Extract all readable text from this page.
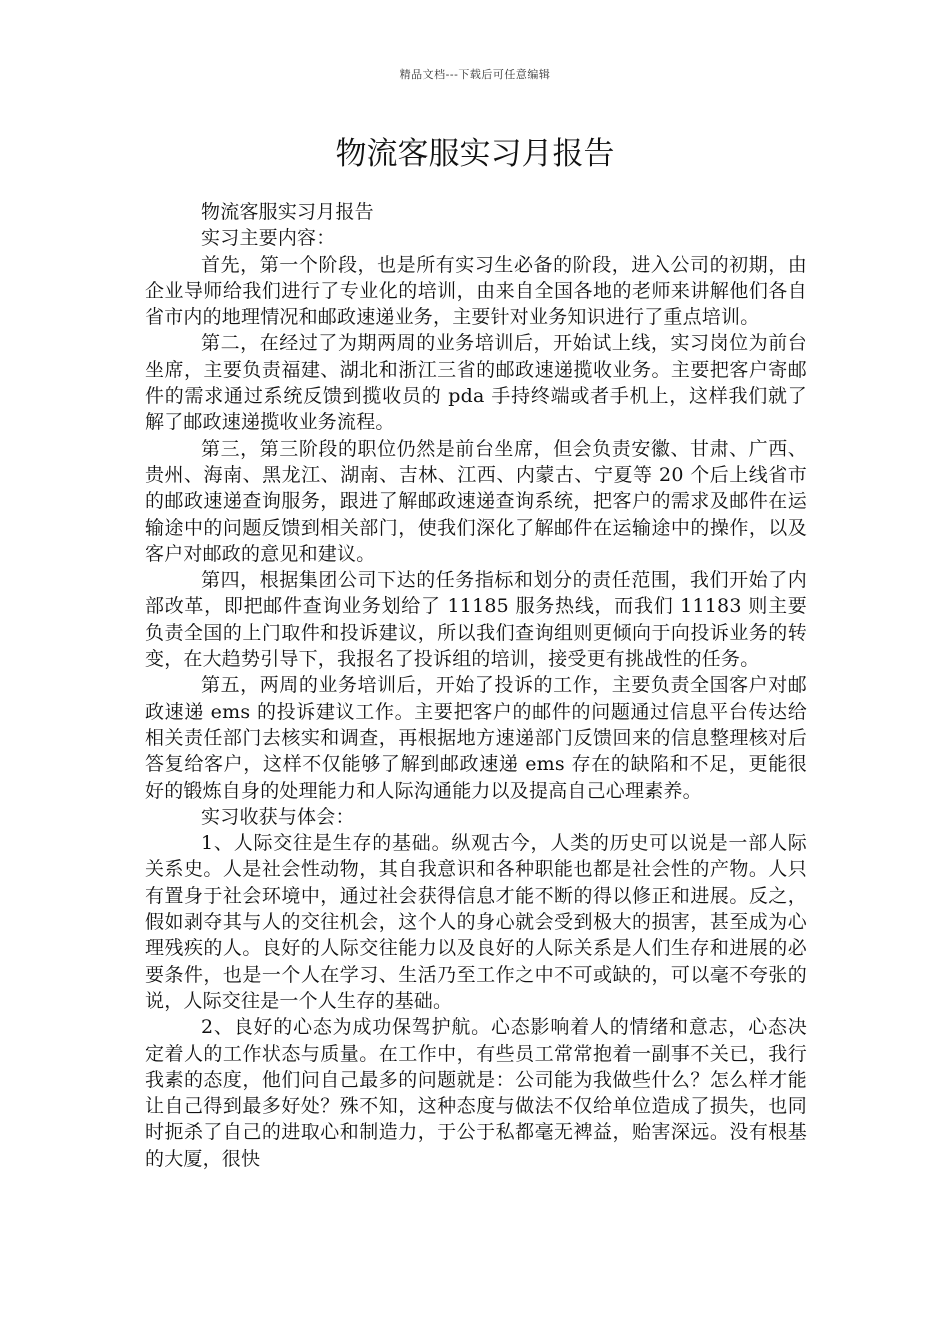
精品文档---下载后可任意编辑
物流客服实习月报告

物流客服实习月报告

实习主要内容：

首先，第一个阶段，也是所有实习生必备的阶段，进入公司的初期，由企业导师给我们进行了专业化的培训，由来自全国各地的老师来讲解他们各自省市内的地理情况和邮政速递业务，主要针对业务知识进行了重点培训。

第二，在经过了为期两周的业务培训后，开始试上线，实习岗位为前台坐席，主要负责福建、湖北和浙江三省的邮政速递揽收业务。主要把客户寄邮件的需求通过系统反馈到揽收员的 pda 手持终端或者手机上，这样我们就了解了邮政速递揽收业务流程。

第三，第三阶段的职位仍然是前台坐席，但会负责安徽、甘肃、广西、贵州、海南、黑龙江、湖南、吉林、江西、内蒙古、宁夏等 20 个后上线省市的邮政速递查询服务，跟进了解邮政速递查询系统，把客户的需求及邮件在运输途中的问题反馈到相关部门，使我们深化了解邮件在运输途中的操作，以及客户对邮政的意见和建议。

第四，根据集团公司下达的任务指标和划分的责任范围，我们开始了内部改革，即把邮件查询业务划给了 11185 服务热线，而我们 11183 则主要负责全国的上门取件和投诉建议，所以我们查询组则更倾向于向投诉业务的转变，在大趋势引导下，我报名了投诉组的培训，接受更有挑战性的任务。

第五，两周的业务培训后，开始了投诉的工作，主要负责全国客户对邮政速递 ems 的投诉建议工作。主要把客户的邮件的问题通过信息平台传达给相关责任部门去核实和调查，再根据地方速递部门反馈回来的信息整理核对后答复给客户，这样不仅能够了解到邮政速递 ems 存在的缺陷和不足，更能很好的锻炼自身的处理能力和人际沟通能力以及提高自己心理素养。

实习收获与体会：

1、人际交往是生存的基础。纵观古今，人类的历史可以说是一部人际关系史。人是社会性动物，其自我意识和各种职能也都是社会性的产物。人只有置身于社会环境中，通过社会获得信息才能不断的得以修正和进展。反之，假如剥夺其与人的交往机会，这个人的身心就会受到极大的损害，甚至成为心理残疾的人。良好的人际交往能力以及良好的人际关系是人们生存和进展的必要条件，也是一个人在学习、生活乃至工作之中不可或缺的，可以毫不夸张的说，人际交往是一个人生存的基础。

2、良好的心态为成功保驾护航。心态影响着人的情绪和意志，心态决定着人的工作状态与质量。在工作中，有些员工常常抱着一副事不关已，我行我素的态度，他们问自己最多的问题就是：公司能为我做些什么？怎么样才能让自己得到最多好处？殊不知，这种态度与做法不仅给单位造成了损失，也同时扼杀了自己的进取心和制造力，于公于私都毫无裨益，贻害深远。没有根基的大厦，很快
